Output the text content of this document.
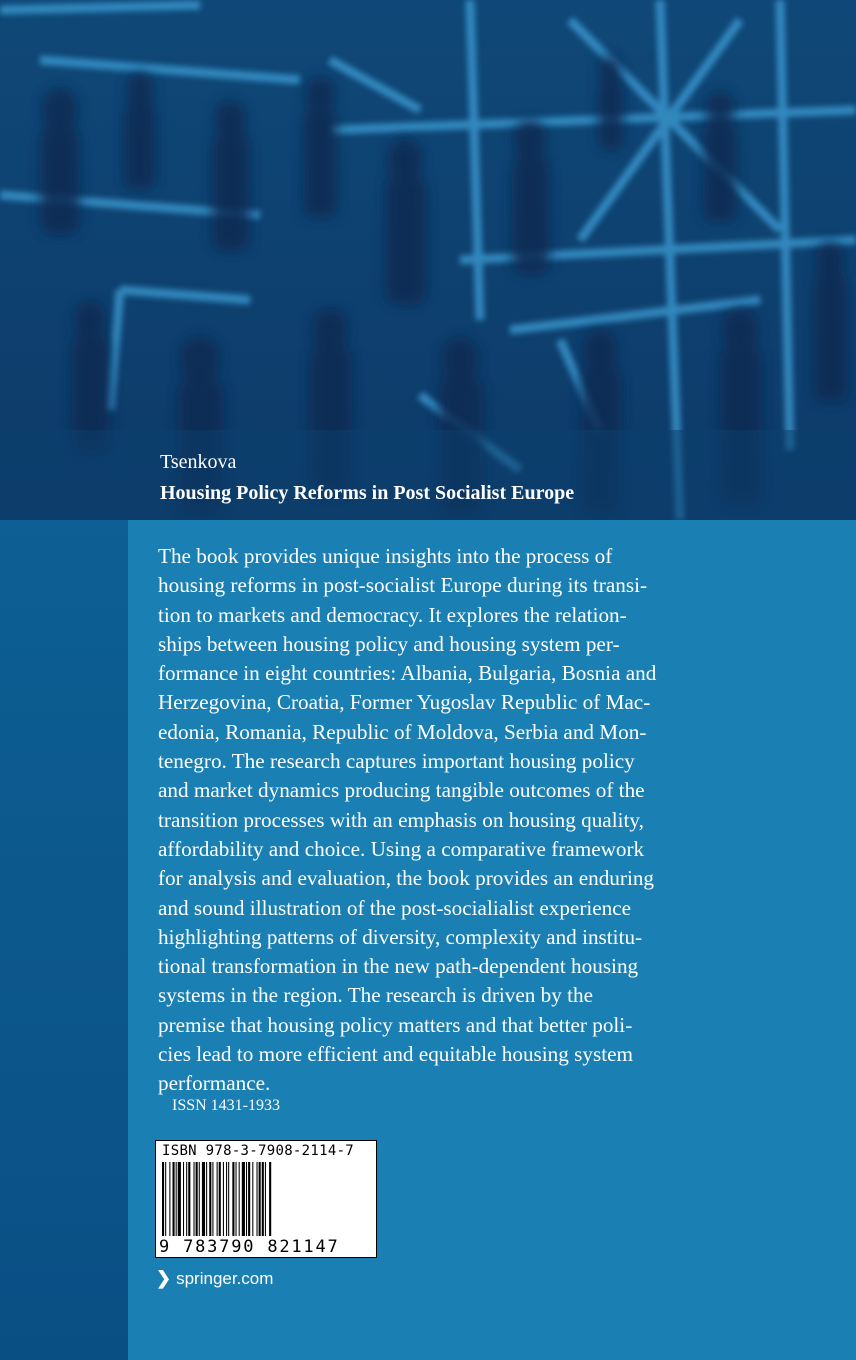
Tsenkova

Housing Policy Reforms in Post Socialist Europe

The book provides unique insights into the process of
housing reforms in post-socialist Europe during its transi-
tion to markets and democracy. It explores the relation-
ships between housing policy and housing system per-
formance in eight countries: Albania, Bulgaria, Bosnia and
Herzegovina, Croatia, Former Yugoslav Republic of Mac-
edonia, Romania, Republic of Moldova, Serbia and Mon-
tenegro. The research captures important housing policy
and market dynamics producing tangible outcomes of the
transition processes with an emphasis on housing quality,
affordability and choice. Using a comparative framework
for analysis and evaluation, the book provides an enduring
and sound illustration of the post-socialialist experience
highlighting patterns of diversity, complexity and institu-
tional transformation in the new path-dependent housing
systems in the region. The research is driven by the
premise that housing policy matters and that better poli-
cies lead to more efficient and equitable housing system
performance.

ISSN 1431-1933

ISBN 978-3-7908-2114-7
9 783790 821147

❯ springer.com
